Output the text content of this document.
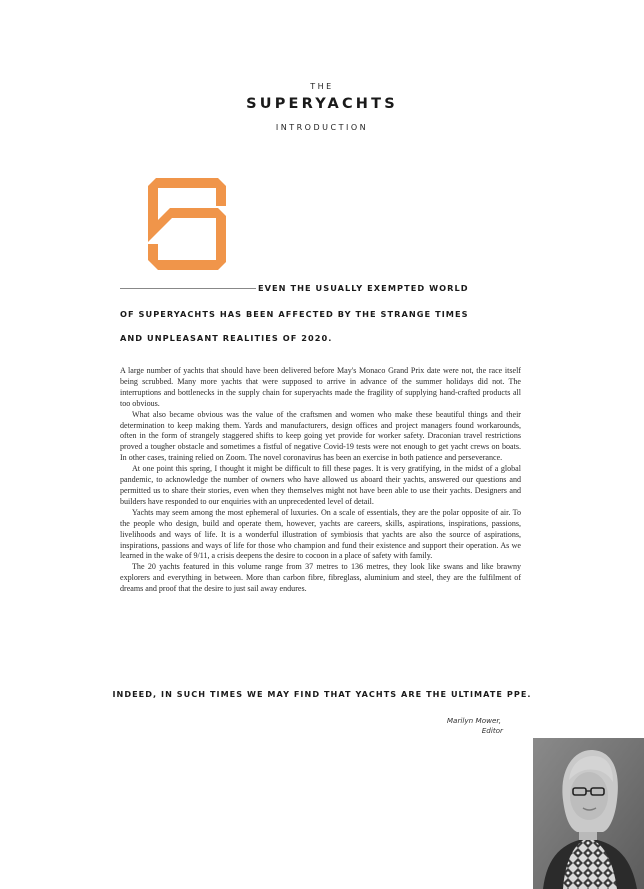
THE
SUPERYACHTS
INTRODUCTION
EVEN THE USUALLY EXEMPTED WORLD
OF SUPERYACHTS HAS BEEN AFFECTED BY THE STRANGE TIMES
AND UNPLEASANT REALITIES OF 2020.

A large number of yachts that should have been delivered before May's Monaco Grand Prix date were not, the race itself being scrubbed. Many more yachts that were supposed to arrive in advance of the summer holidays did not. The interruptions and bottlenecks in the supply chain for superyachts made the fragility of supplying hand-crafted products all too obvious.

What also became obvious was the value of the craftsmen and women who make these beautiful things and their determination to keep making them. Yards and manufacturers, design offices and project managers found workarounds, often in the form of strangely staggered shifts to keep going yet provide for worker safety. Draconian travel restrictions proved a tougher obstacle and sometimes a fistful of negative Covid-19 tests were not enough to get yacht crews on boats. In other cases, training relied on Zoom. The novel coronavirus has been an exercise in both patience and perseverance.

At one point this spring, I thought it might be difficult to fill these pages. It is very gratifying, in the midst of a global pandemic, to acknowledge the number of owners who have allowed us aboard their yachts, answered our questions and permitted us to share their stories, even when they themselves might not have been able to use their yachts. Designers and builders have responded to our enquiries with an unprecedented level of detail.

Yachts may seem among the most ephemeral of luxuries. On a scale of essentials, they are the polar opposite of air. To the people who design, build and operate them, however, yachts are careers, skills, aspirations, inspirations, passions, livelihoods and ways of life. It is a wonderful illustration of symbiosis that yachts are also the source of aspirations, inspirations, passions and ways of life for those who champion and fund their existence and support their operation. As we learned in the wake of 9/11, a crisis deepens the desire to cocoon in a place of safety with family.

The 20 yachts featured in this volume range from 37 metres to 136 metres, they look like swans and like brawny explorers and everything in between. More than carbon fibre, fibreglass, aluminium and steel, they are the fulfilment of dreams and proof that the desire to just sail away endures.

INDEED, IN SUCH TIMES WE MAY FIND THAT YACHTS ARE THE ULTIMATE PPE.
Marilyn Mower,
Editor
